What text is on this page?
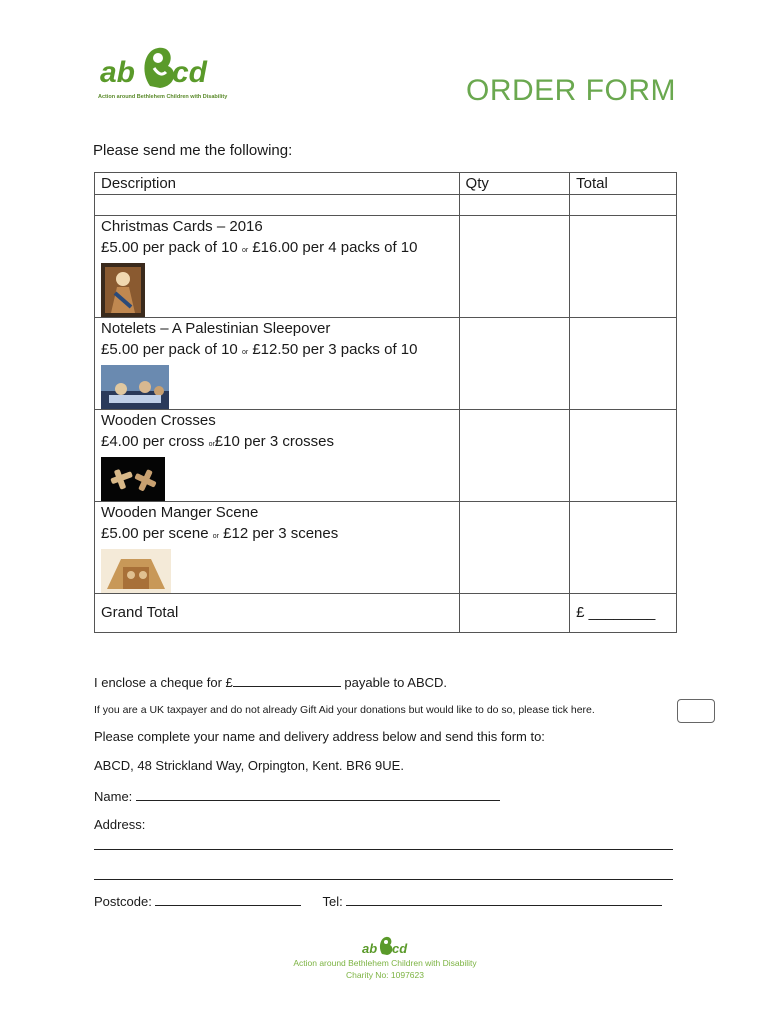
ab cd
Action around Bethlehem Children with Disability	ORDER FORM
Please send me the following:
Description	Qty	Total

Christmas Cards – 2016
£5.00 per pack of 10 or £16.00 per 4 packs of 10		

Notelets – A Palestinian Sleepover
£5.00 per pack of 10 or £12.50 per 3 packs of 10		

Wooden Crosses
£4.00 per cross or£10 per 3 crosses		

Wooden Manger Scene
£5.00 per scene or £12 per 3 scenes		

Grand Total		£ ________
I enclose a cheque for £	payable to ABCD.
If you are a UK taxpayer and do not already Gift Aid your donations but would like to do so, please tick here.
Please complete your name and delivery address below and send this form to:
ABCD, 48 Strickland Way, Orpington, Kent. BR6 9UE.
Name:
Address:
Postcode:	Tel:
ab cd
Action around Bethlehem Children with Disability
Charity No: 1097623
